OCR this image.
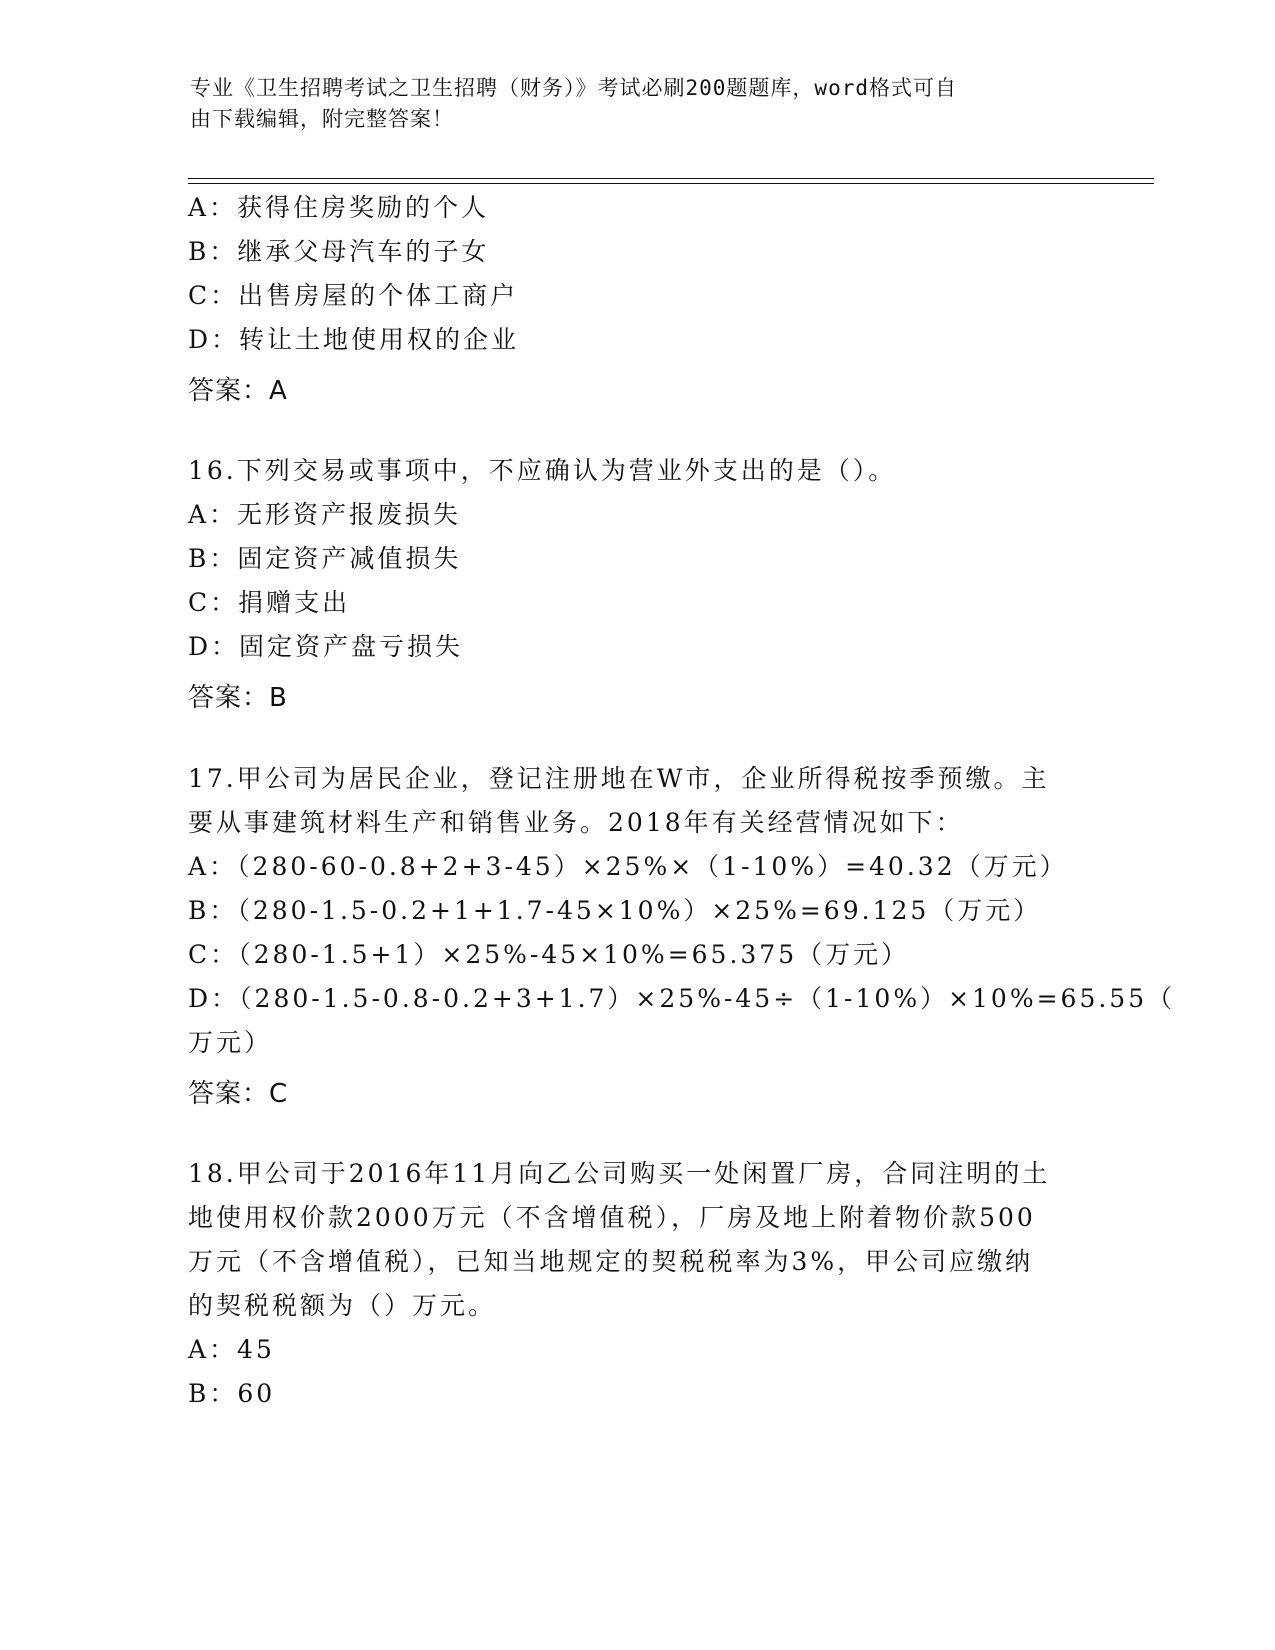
专业《卫生招聘考试之卫生招聘（财务）》考试必刷200题题库，word格式可自
由下载编辑，附完整答案！
A：获得住房奖励的个人
B：继承父母汽车的子女
C：出售房屋的个体工商户
D：转让土地使用权的企业
答案：A
16.下列交易或事项中，不应确认为营业外支出的是（）。
A：无形资产报废损失
B：固定资产减值损失
C：捐赠支出
D：固定资产盘亏损失
答案：B
17.甲公司为居民企业，登记注册地在W市，企业所得税按季预缴。主
要从事建筑材料生产和销售业务。2018年有关经营情况如下：
A：（280-60-0.8+2+3-45）×25%×（1-10%）=40.32（万元）
B：（280-1.5-0.2+1+1.7-45×10%）×25%=69.125（万元）
C：（280-1.5+1）×25%-45×10%=65.375（万元）
D：（280-1.5-0.8-0.2+3+1.7）×25%-45÷（1-10%）×10%=65.55（
万元）
答案：C
18.甲公司于2016年11月向乙公司购买一处闲置厂房，合同注明的土
地使用权价款2000万元（不含增值税），厂房及地上附着物价款500
万元（不含增值税），已知当地规定的契税税率为3%，甲公司应缴纳
的契税税额为（）万元。
A：45
B：60
